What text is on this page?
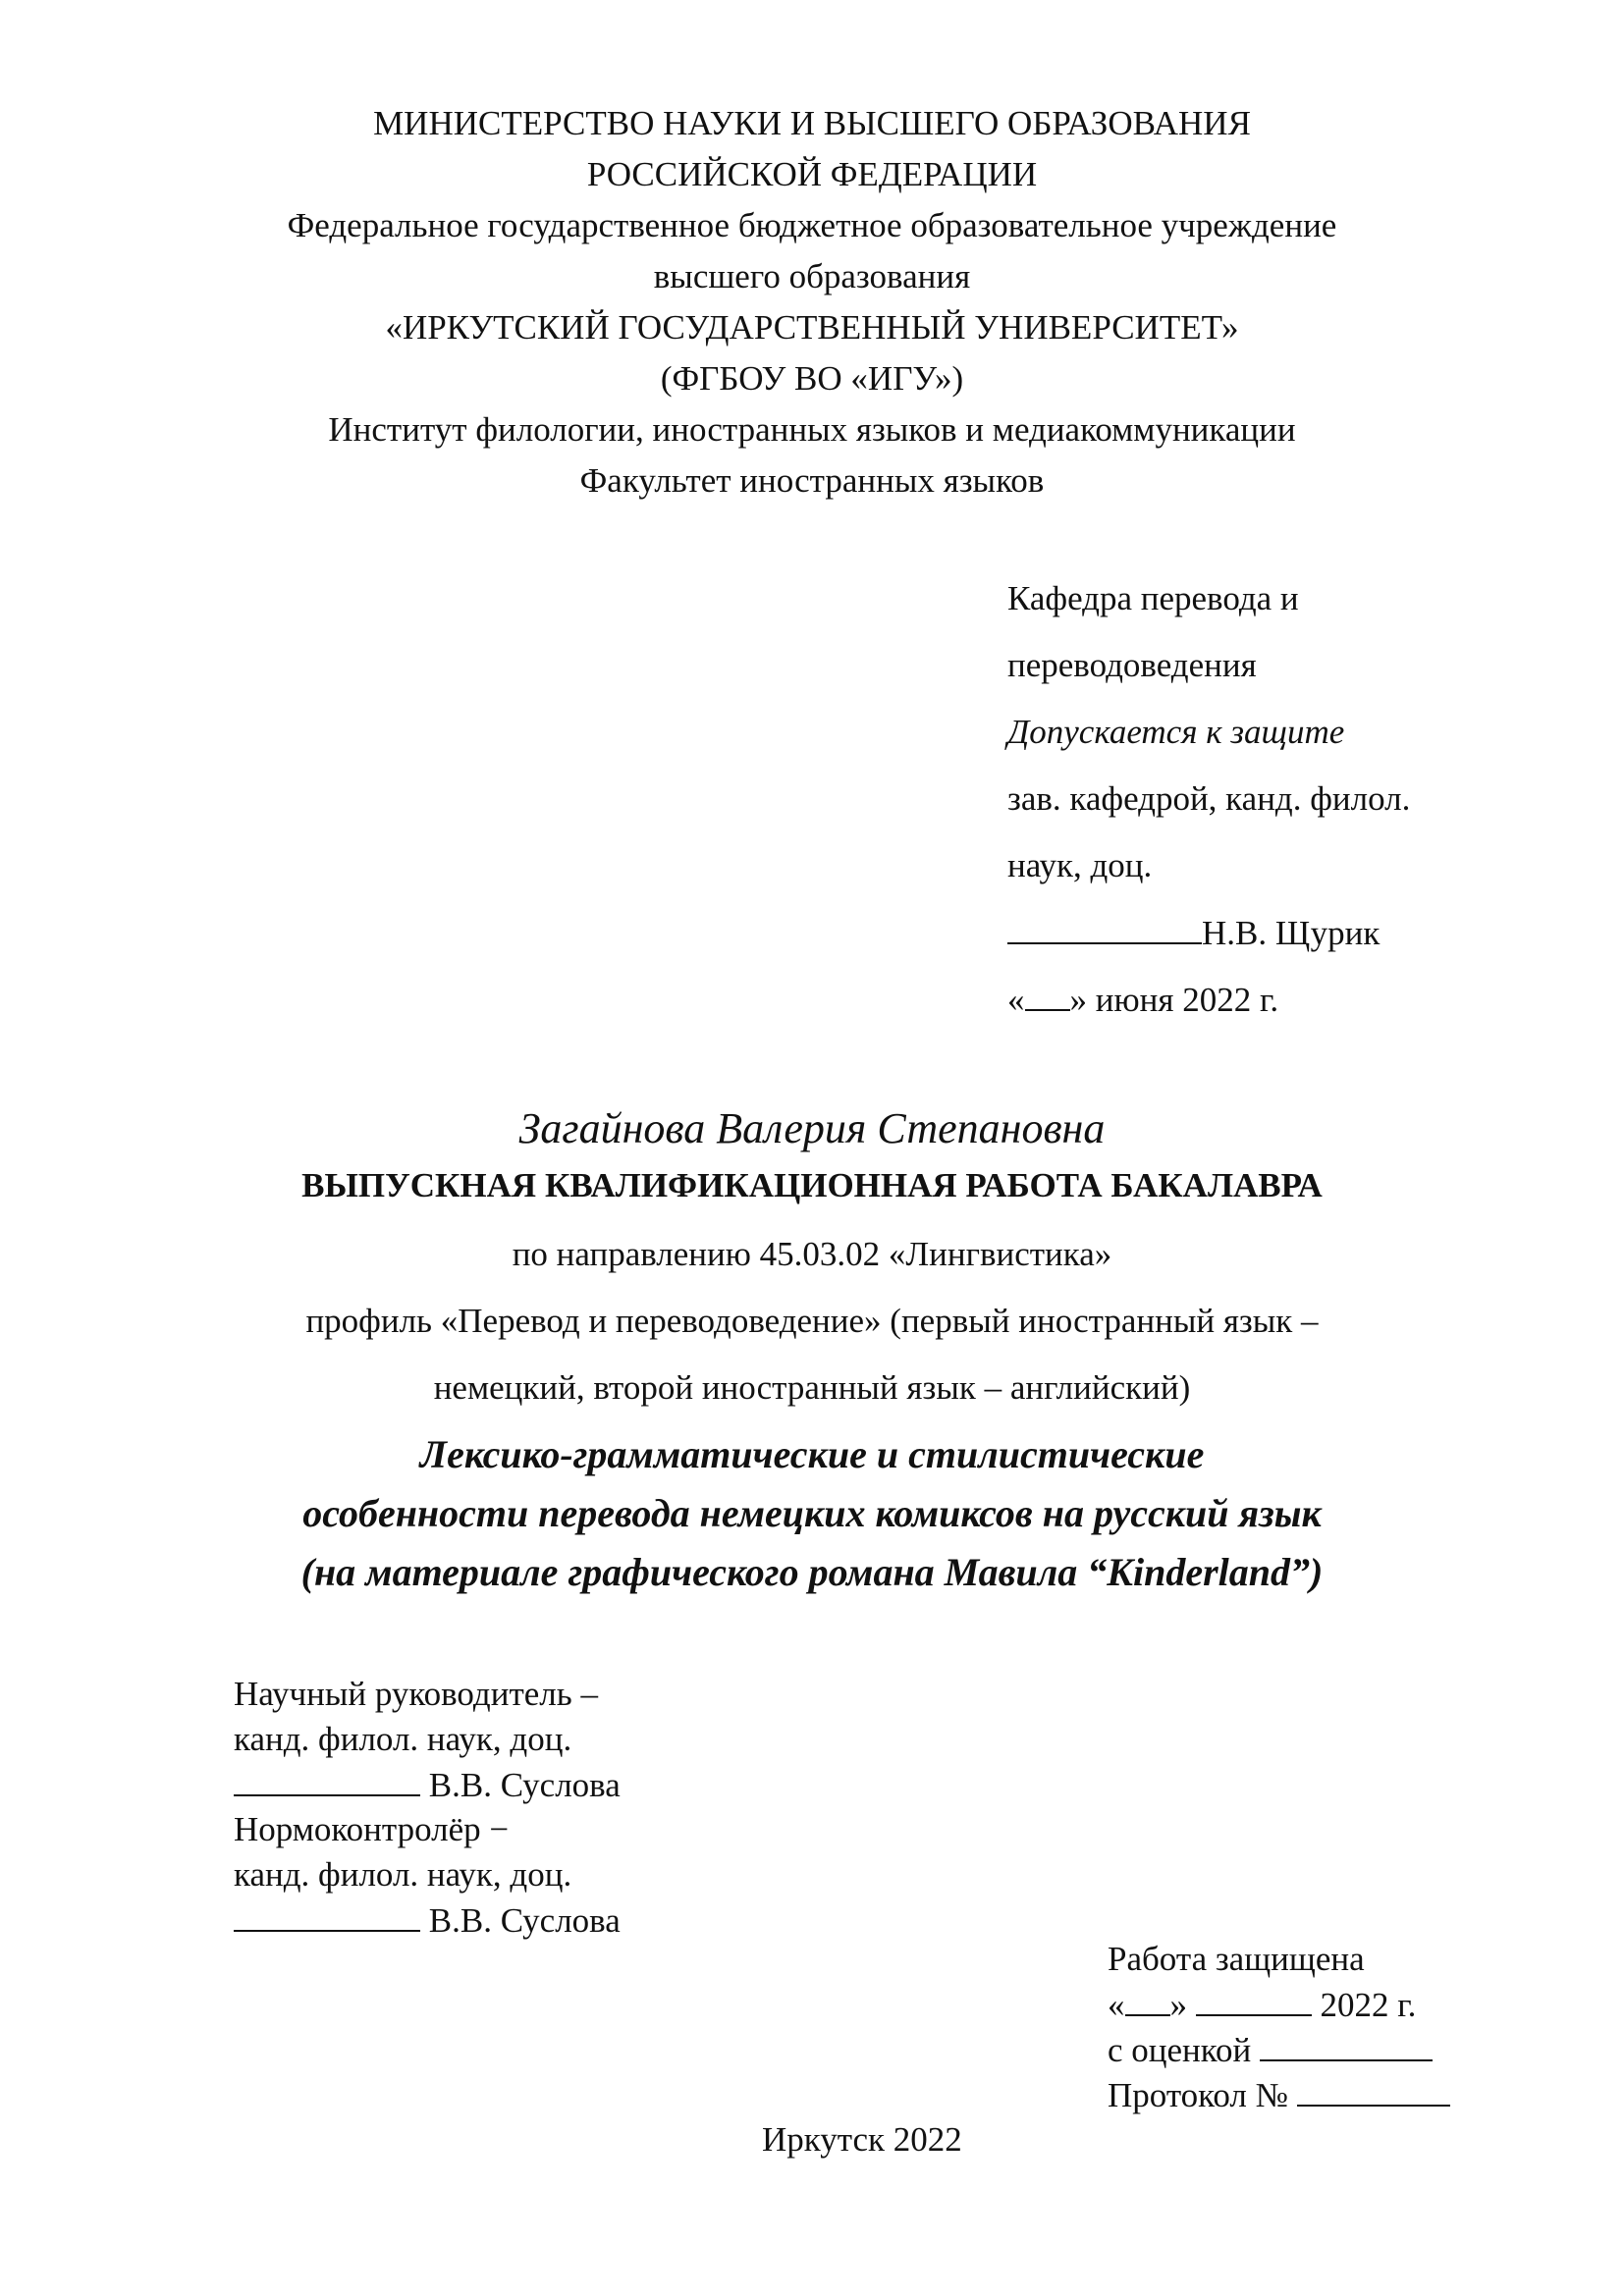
МИНИСТЕРСТВО НАУКИ И ВЫСШЕГО ОБРАЗОВАНИЯ
РОССИЙСКОЙ ФЕДЕРАЦИИ
Федеральное государственное бюджетное образовательное учреждение
высшего образования
«ИРКУТСКИЙ ГОСУДАРСТВЕННЫЙ УНИВЕРСИТЕТ»
(ФГБОУ ВО «ИГУ»)
Институт филологии, иностранных языков и медиакоммуникации
Факультет иностранных языков
Кафедра перевода и
переводоведения
Допускается к защите
зав. кафедрой, канд. филол.
наук, доц.
Н.В. Щурик
« » июня 2022 г.
Загайнова Валерия Степановна
ВЫПУСКНАЯ КВАЛИФИКАЦИОННАЯ РАБОТА БАКАЛАВРА
по направлению 45.03.02 «Лингвистика»
профиль «Перевод и переводоведение» (первый иностранный язык –
немецкий, второй иностранный язык – английский)
Лексико-грамматические и стилистические
особенности перевода немецких комиксов на русский язык
(на материале графического романа Мавила “Kinderland”)
Научный руководитель –
канд. филол. наук, доц.
В.В. Суслова
Нормоконтролёр −
канд. филол. наук, доц.
В.В. Суслова
Работа защищена
« »	2022 г.
с оценкой
Протокол №
Иркутск 2022
